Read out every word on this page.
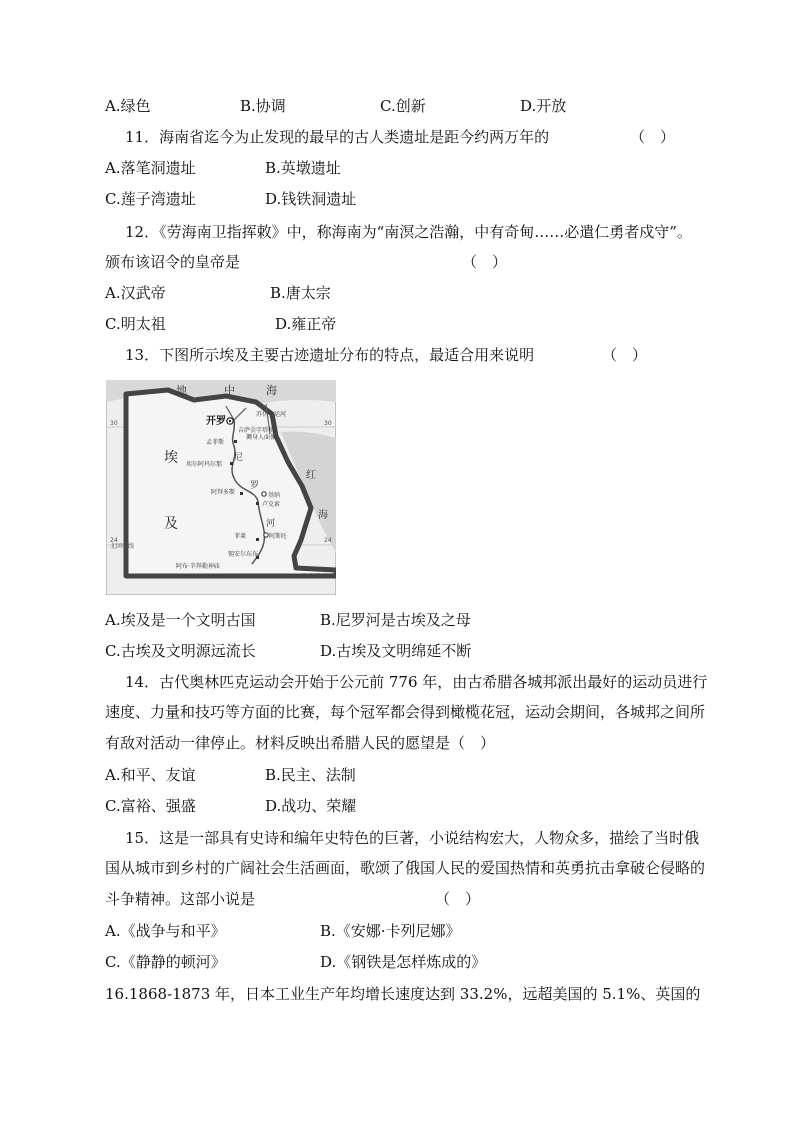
A.绿色	B.协调	C.创新	D.开放
11．海南省迄今为止发现的最早的古人类遗址是距今约两万年的	（　）
A.落笔洞遗址	B.英墩遗址
C.莲子湾遗址	D.钱铁洞遗址
12．《劳海南卫指挥敕》中，称海南为“南溟之浩瀚，中有奇甸……必遣仁勇者戍守”。
颁布该诏令的皇帝是	（　）
A.汉武帝	B.唐太宗
C.明太祖	D.雍正帝
13．下图所示埃及主要古迹遗址分布的特点，最适合用来说明	（　）
地	中	海
开罗
苏伊士运河
吉萨金字塔和
狮身人面像
孟菲斯
埃尔阿玛尔那
阿拜多斯	基纳
卢克索
阿斯旺
菲莱
锡安尔东布
阿布·辛拜勒神庙
北回归线
30	30
24	24
埃
及
尼
罗
河
红
海
A.埃及是一个文明古国	B.尼罗河是古埃及之母
C.古埃及文明源远流长	D.古埃及文明绵延不断
14．古代奥林匹克运动会开始于公元前 776 年，由古希腊各城邦派出最好的运动员进行
速度、力量和技巧等方面的比赛，每个冠军都会得到橄榄花冠，运动会期间，各城邦之间所
有敌对活动一律停止。材料反映出希腊人民的愿望是（　）
A.和平、友谊	B.民主、法制
C.富裕、强盛	D.战功、荣耀
15．这是一部具有史诗和编年史特色的巨著，小说结构宏大，人物众多，描绘了当时俄
国从城市到乡村的广阔社会生活画面，歌颂了俄国人民的爱国热情和英勇抗击拿破仑侵略的
斗争精神。这部小说是	（　）
A.《战争与和平》	B.《安娜·卡列尼娜》
C.《静静的顿河》	D.《钢铁是怎样炼成的》
16.1868-1873 年，日本工业生产年均增长速度达到 33.2%，远超美国的 5.1%、英国的
